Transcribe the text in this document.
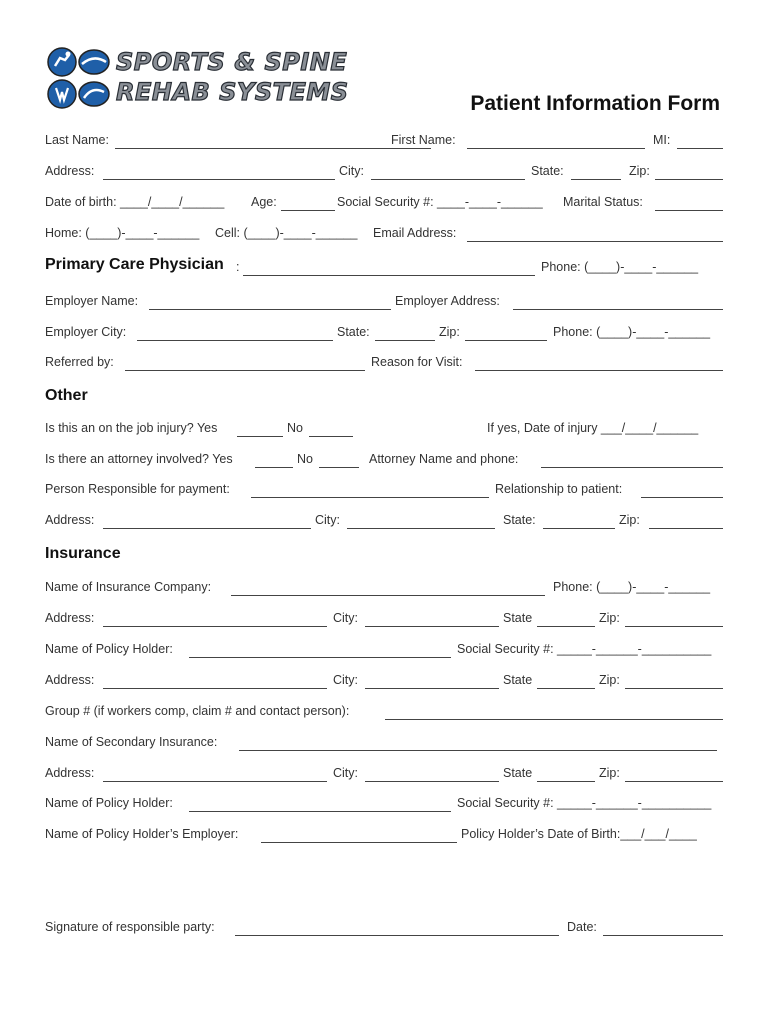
SPORTS & SPINE
REHAB SYSTEMS	Patient Information Form
Last Name:	First Name:	MI:
Address:	City:	State:	Zip:
Date of birth: ____/____/______ Age:	Social Security #: ____-____-______ Marital Status:
Home: (____)-____-______ Cell: (____)-____-______ Email Address:
Primary Care Physician :	Phone: (____)-____-______
Employer Name:	Employer Address:
Employer City:	State:	Zip:	Phone: (____)-____-______
Referred by:	Reason for Visit:
Other
Is this an on the job injury? Yes	No	If yes, Date of injury ___/____/______
Is there an attorney involved? Yes	No	Attorney Name and phone:
Person Responsible for payment:	Relationship to patient:
Address:	City:	State:	Zip:
Insurance
Name of Insurance Company:	Phone: (____)-____-______
Address:	City:	State	Zip:
Name of Policy Holder:	Social Security #: _____-______-__________
Address:	City:	State	Zip:
Group # (if workers comp, claim # and contact person):
Name of Secondary Insurance:
Address:	City:	State	Zip:
Name of Policy Holder:	Social Security #: _____-______-__________
Name of Policy Holder’s Employer:	Policy Holder’s Date of Birth:___/___/____
Signature of responsible party:	Date:
